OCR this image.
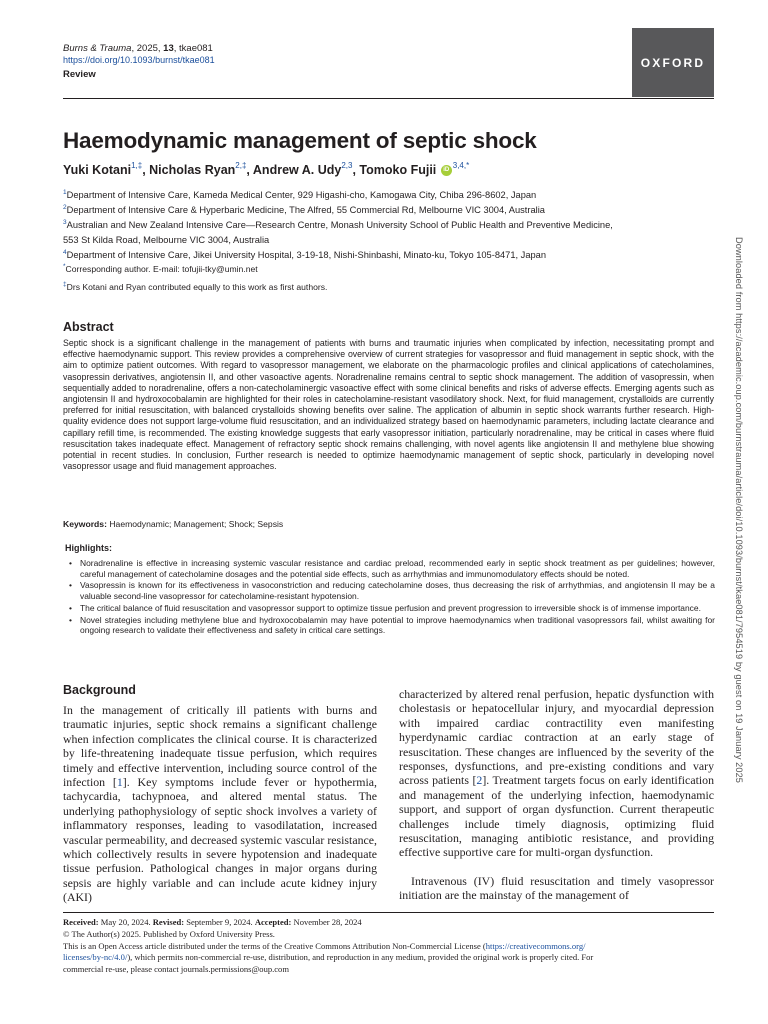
Burns & Trauma, 2025, 13, tkae081
https://doi.org/10.1093/burnst/tkae081
Review
OXFORD
Haemodynamic management of septic shock
Yuki Kotani$^{1,\ddagger}$, Nicholas Ryan$^{2,\ddagger}$, Andrew A. Udy$^{2,3}$, Tomoko Fujii $iD^{3,4,*}$
$^1$Department of Intensive Care, Kameda Medical Center, 929 Higashi-cho, Kamogawa City, Chiba 296-8602, Japan
$^2$Department of Intensive Care & Hyperbaric Medicine, The Alfred, 55 Commercial Rd, Melbourne VIC 3004, Australia
$^3$Australian and New Zealand Intensive Care—Research Centre, Monash University School of Public Health and Preventive Medicine,
553 St Kilda Road, Melbourne VIC 3004, Australia
$^4$Department of Intensive Care, Jikei University Hospital, 3-19-18, Nishi-Shinbashi, Minato-ku, Tokyo 105-8471, Japan
*Corresponding author. E-mail: tofujii-tky@umin.net
‡Drs Kotani and Ryan contributed equally to this work as first authors.
Abstract

Septic shock is a significant challenge in the management of patients with burns and traumatic injuries when complicated by infection, necessitating prompt and effective haemodynamic support. This review provides a comprehensive overview of current strategies for vasopressor and fluid management in septic shock, with the aim to optimize patient outcomes. With regard to vasopressor management, we elaborate on the pharmacologic profiles and clinical applications of catecholamines, vasopressin derivatives, angiotensin II, and other vasoactive agents. Noradrenaline remains central to septic shock management. The addition of vasopressin, when sequentially added to noradrenaline, offers a non-catecholaminergic vasoactive effect with some clinical benefits and risks of adverse effects. Emerging agents such as angiotensin II and hydroxocobalamin are highlighted for their roles in catecholamine-resistant vasodilatory shock. Next, for fluid management, crystalloids are currently preferred for initial resuscitation, with balanced crystalloids showing benefits over saline. The application of albumin in septic shock warrants further research. High-quality evidence does not support large-volume fluid resuscitation, and an individualized strategy based on haemodynamic parameters, including lactate clearance and capillary refill time, is recommended. The existing knowledge suggests that early vasopressor initiation, particularly noradrenaline, may be critical in cases where fluid resuscitation takes inadequate effect. Management of refractory septic shock remains challenging, with novel agents like angiotensin II and methylene blue showing potential in recent studies. In conclusion, Further research is needed to optimize haemodynamic management of septic shock, particularly in developing novel vasopressor usage and fluid management approaches.

Keywords: Haemodynamic; Management; Shock; Sepsis
Highlights:
• Noradrenaline is effective in increasing systemic vascular resistance and cardiac preload, recommended early in septic shock treatment as per guidelines; however, careful management of catecholamine dosages and the potential side effects, such as arrhythmias and immunomodulatory effects should be noted.
• Vasopressin is known for its effectiveness in vasoconstriction and reducing catecholamine doses, thus decreasing the risk of arrhythmias, and angiotensin II may be a valuable second-line vasopressor for catecholamine-resistant hypotension.
• The critical balance of fluid resuscitation and vasopressor support to optimize tissue perfusion and prevent progression to irreversible shock is of immense importance.
• Novel strategies including methylene blue and hydroxocobalamin may have potential to improve haemodynamics when traditional vasopressors fail, whilst awaiting for ongoing research to validate their effectiveness and safety in critical care settings.
Background

In the management of critically ill patients with burns and traumatic injuries, septic shock remains a significant challenge when infection complicates the clinical course. It is characterized by life-threatening inadequate tissue perfusion, which requires timely and effective intervention, including source control of the infection [1]. Key symptoms include fever or hypothermia, tachycardia, tachypnoea, and altered mental status. The underlying pathophysiology of septic shock involves a variety of inflammatory responses, leading to vasodilatation, increased vascular permeability, and decreased systemic vascular resistance, which collectively results in severe hypotension and inadequate tissue perfusion. Pathological changes in major organs during sepsis are highly variable and can include acute kidney injury (AKI)

characterized by altered renal perfusion, hepatic dysfunction with cholestasis or hepatocellular injury, and myocardial depression with impaired cardiac contractility even manifesting hyperdynamic cardiac contraction at an early stage of resuscitation. These changes are influenced by the severity of the responses, dysfunctions, and pre-existing conditions and vary across patients [2]. Treatment targets focus on early identification and management of the underlying infection, haemodynamic support, and support of organ dysfunction. Current therapeutic challenges include timely diagnosis, optimizing fluid resuscitation, managing antibiotic resistance, and providing effective supportive care for multi-organ dysfunction.

Intravenous (IV) fluid resuscitation and timely vasopressor initiation are the mainstay of the management of

Received: May 20, 2024. Revised: September 9, 2024. Accepted: November 28, 2024
© The Author(s) 2025. Published by Oxford University Press.
This is an Open Access article distributed under the terms of the Creative Commons Attribution Non-Commercial License (https://creativecommons.org/
licenses/by-nc/4.0/), which permits non-commercial re-use, distribution, and reproduction in any medium, provided the original work is properly cited. For
commercial re-use, please contact journals.permissions@oup.com
Downloaded from https://academic.oup.com/burnstrauma/article/doi/10.1093/burnst/tkae081/7954519 by guest on 19 January 2025
